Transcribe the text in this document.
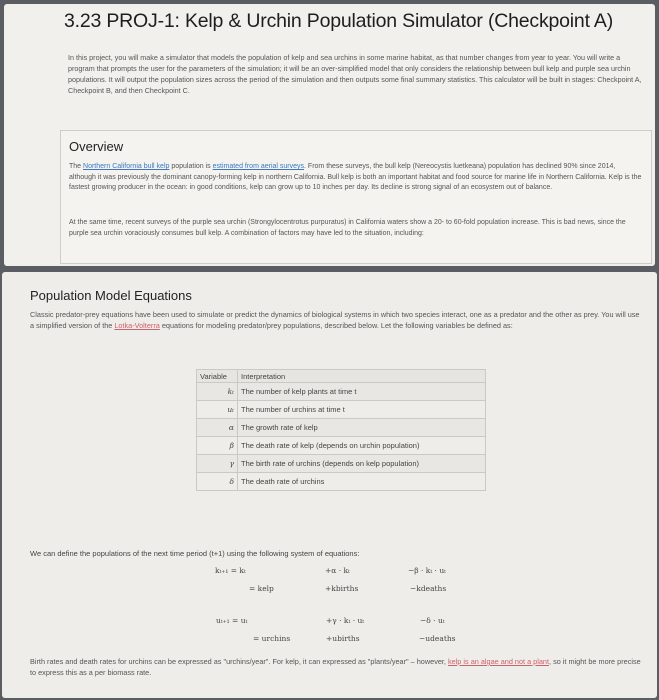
3.23 PROJ-1: Kelp & Urchin Population Simulator (Checkpoint A)
In this project, you will make a simulator that models the population of kelp and sea urchins in some marine habitat, as that number changes from year to year. You will write a program that prompts the user for the parameters of the simulation; it will be an over-simplified model that only considers the relationship between bull kelp and purple sea urchin populations. It will output the population sizes across the period of the simulation and then outputs some final summary statistics. This calculator will be built in stages: Checkpoint A, Checkpoint B, and then Checkpoint C.
Overview
The Northern California bull kelp population is estimated from aerial surveys. From these surveys, the bull kelp (Nereocystis luetkeana) population has declined 90% since 2014, although it was previously the dominant canopy-forming kelp in northern California. Bull kelp is both an important habitat and food source for marine life in Northern California. Kelp is the fastest growing producer in the ocean: in good conditions, kelp can grow up to 10 inches per day. Its decline is strong signal of an ecosystem out of balance.
At the same time, recent surveys of the purple sea urchin (Strongylocentrotus purpuratus) in California waters show a 20- to 60-fold population increase. This is bad news, since the purple sea urchin voraciously consumes bull kelp. A combination of factors may have led to the situation, including:
Population Model Equations
Classic predator-prey equations have been used to simulate or predict the dynamics of biological systems in which two species interact, one as a predator and the other as prey. You will use a simplified version of the Lotka-Volterra equations for modeling predator/prey populations, described below. Let the following variables be defined as:
Variable	Interpretation
kₜ	The number of kelp plants at time t
uₜ	The number of urchins at time t
α	The growth rate of kelp
β	The death rate of kelp (depends on urchin population)
γ	The birth rate of urchins (depends on kelp population)
δ	The death rate of urchins
We can define the populations of the next time period (t+1) using the following system of equations:
kₜ₊₁ = kₜ	+α · kₜ	−β · kₜ · uₜ
= kelp	+kbirths	−kdeaths
uₜ₊₁ = uₜ	+γ · kₜ · uₜ	−δ · uₜ
= urchins	+ubirths	−udeaths
Birth rates and death rates for urchins can be expressed as "urchins/year". For kelp, it can expressed as "plants/year" – however, kelp is an algae and not a plant, so it might be more precise to express this as a per biomass rate.
